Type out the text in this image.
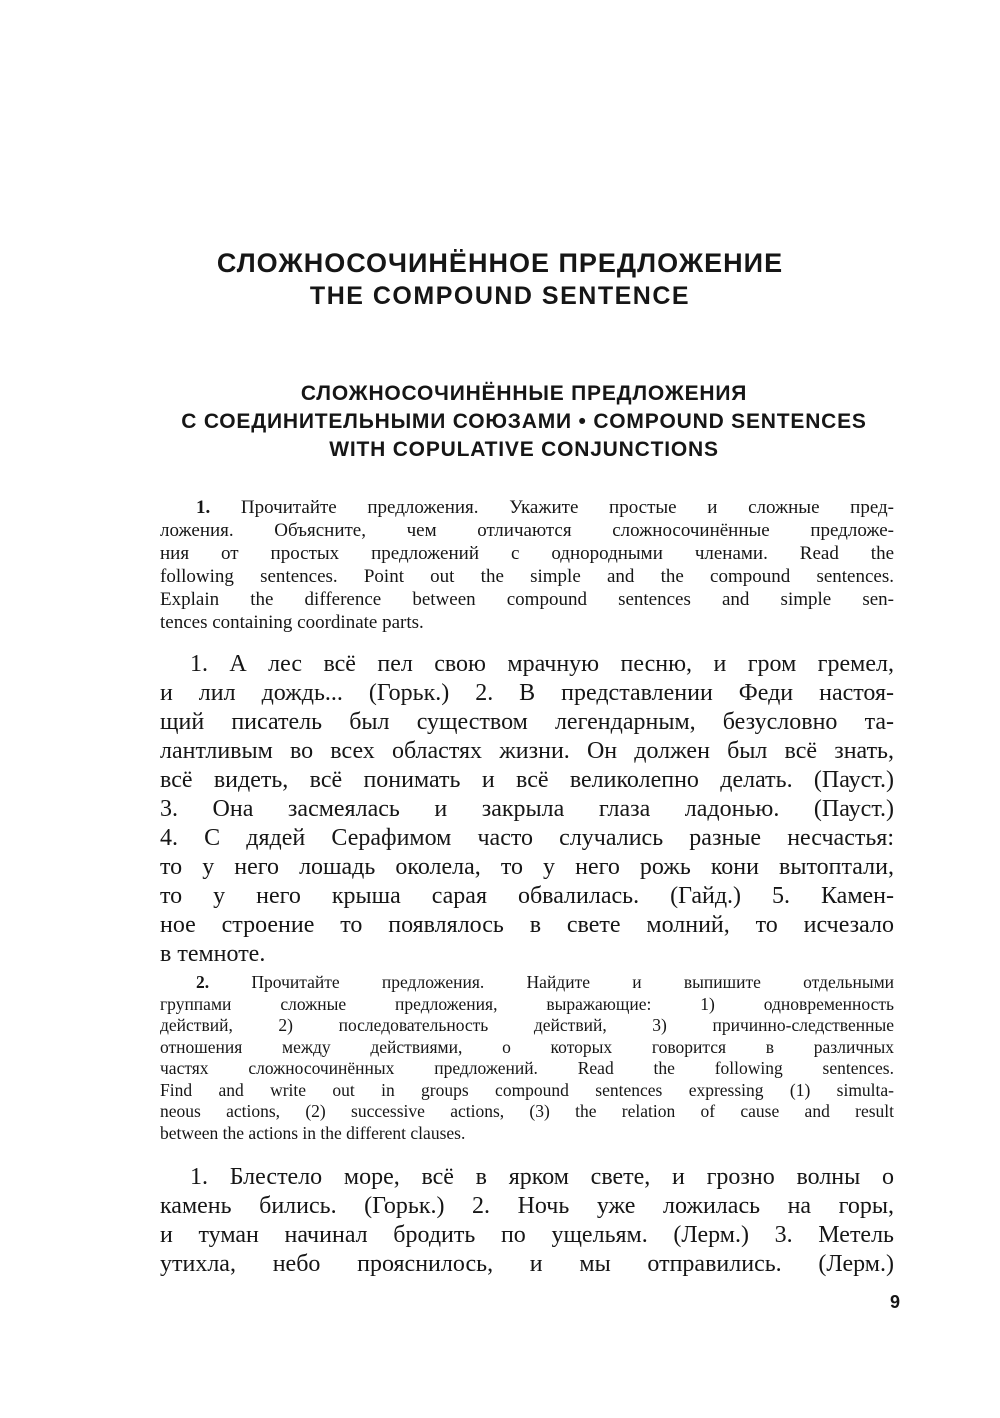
СЛОЖНОСОЧИНЁННОЕ ПРЕДЛОЖЕНИЕ
THE COMPOUND SENTENCE
СЛОЖНОСОЧИНЁННЫЕ ПРЕДЛОЖЕНИЯ
С СОЕДИНИТЕЛЬНЫМИ СОЮЗАМИ • COMPOUND SENTENCES
WITH COPULATIVE CONJUNCTIONS
1. Прочитайте предложения. Укажите простые и сложные пред-
ложения. Объясните, чем отличаются сложносочинённые предложе-
ния от простых предложений с однородными членами. Read the
following sentences. Point out the simple and the compound sentences.
Explain the difference between compound sentences and simple sen-
tences containing coordinate parts.
1. А лес всё пел свою мрачную песню, и гром гремел,
и лил дождь... (Горьк.) 2. В представлении Феди настоя-
щий писатель был существом легендарным, безусловно та-
лантливым во всех областях жизни. Он должен был всё знать,
всё видеть, всё понимать и всё великолепно делать. (Пауст.)
3. Она засмеялась и закрыла глаза ладонью. (Пауст.)
4. С дядей Серафимом часто случались разные несчастья:
то у него лошадь околела, то у него рожь кони вытоптали,
то у него крыша сарая обвалилась. (Гайд.) 5. Камен-
ное строение то появлялось в свете молний, то исчезало
в темноте.
2. Прочитайте предложения. Найдите и выпишите отдельными
группами сложные предложения, выражающие: 1) одновременность
действий, 2) последовательность действий, 3) причинно-следственные
отношения между действиями, о которых говорится в различных
частях сложносочинённых предложений. Read the following sentences.
Find and write out in groups compound sentences expressing (1) simulta-
neous actions, (2) successive actions, (3) the relation of cause and result
between the actions in the different clauses.
1. Блестело море, всё в ярком свете, и грозно волны о
камень бились. (Горьк.) 2. Ночь уже ложилась на горы,
и туман начинал бродить по ущельям. (Лерм.) 3. Метель
утихла, небо прояснилось, и мы отправились. (Лерм.)
9
